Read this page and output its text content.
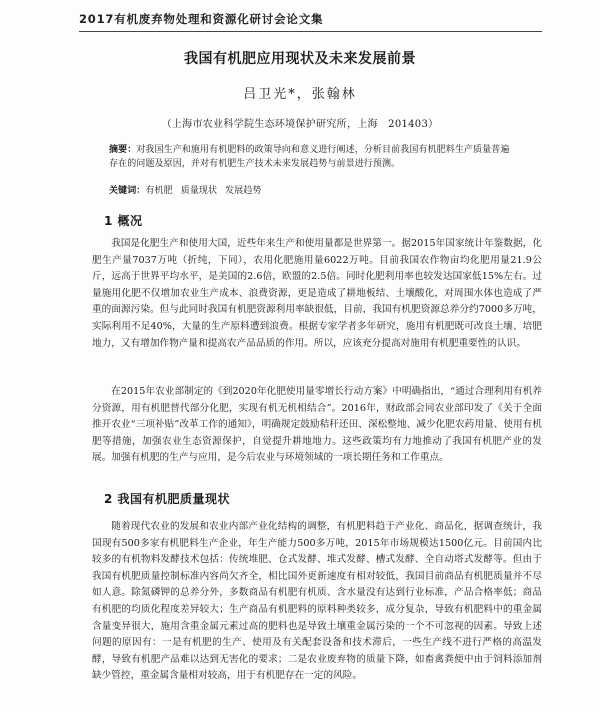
2017有机废弃物处理和资源化研讨会论文集
我国有机肥应用现状及未来发展前景
吕卫光*，张翰林
（上海市农业科学院生态环境保护研究所，上海　201403）
摘要：对我国生产和施用有机肥料的政策导向和意义进行阐述，分析目前我国有机肥料生产质量普遍存在的问题及原因，并对有机肥生产技术未来发展趋势与前景进行预测。
关键词：有机肥 质量现状 发展趋势
1 概况
我国是化肥生产和使用大国，近些年来生产和使用量都是世界第一。据2015年国家统计年鉴数据，化肥生产量7037万吨（折纯，下同），农用化肥施用量6022万吨。目前我国农作物亩均化肥用量21.9公斤，远高于世界平均水平，是美国的2.6倍，欧盟的2.5倍。同时化肥利用率也较发达国家低15%左右。过量施用化肥不仅增加农业生产成本、浪费资源，更是造成了耕地板结、土壤酸化，对周围水体也造成了严重的面源污染。但与此同时我国有机肥资源利用率缺很低，目前，我国有机肥资源总养分约7000多万吨，实际利用不足40%，大量的生产原料遭到浪费。根据专家学者多年研究，施用有机肥既可改良土壤、培肥地力，又有增加作物产量和提高农产品品质的作用。所以，应该充分提高对施用有机肥重要性的认识。
在2015年农业部制定的《到2020年化肥使用量零增长行动方案》中明确指出，“通过合理利用有机养分资源，用有机肥替代部分化肥，实现有机无机相结合”。2016年，财政部会同农业部印发了《关于全面推开农业“三项补贴”改革工作的通知》，明确规定鼓励秸秆还田、深松整地、减少化肥农药用量、使用有机肥等措施，加强农业生态资源保护，自觉提升耕地地力。这些政策均有力地推动了我国有机肥产业的发展。加强有机肥的生产与应用，是今后农业与环境领域的一项长期任务和工作重点。
2 我国有机肥质量现状
随着现代农业的发展和农业内部产业化结构的调整，有机肥料趋于产业化、商品化，据调查统计，我国现有500多家有机肥料生产企业，年生产能力500多万吨，2015年市场规模达1500亿元。目前国内比较多的有机物料发酵技术包括：传统堆肥、仓式发酵、堆式发酵、槽式发酵、全自动塔式发酵等。但由于我国有机肥质量控制标准内容尚欠齐全，相比国外更新速度有相对较低，我国目前商品有机肥质量并不尽如人意。除氮磷钾的总养分外，多数商品有机肥有机质、含水量没有达到行业标准，产品合格率低；商品有机肥的均质化程度差异较大；生产商品有机肥料的原料种类较多，成分复杂，导致有机肥料中的重金属含量变异很大，施用含重金属元素过高的肥料也是导致土壤重金属污染的一个不可忽视的因素。导致上述问题的原因有：一是有机肥的生产、使用及有关配套设备和技术滞后，一些生产线不进行严格的高温发酵，导致有机肥产品难以达到无害化的要求；二是农业废弃物的质量下降，如畜禽粪便中由于饲料添加剂缺少管控，重金属含量相对较高，用于有机肥存在一定的风险。
